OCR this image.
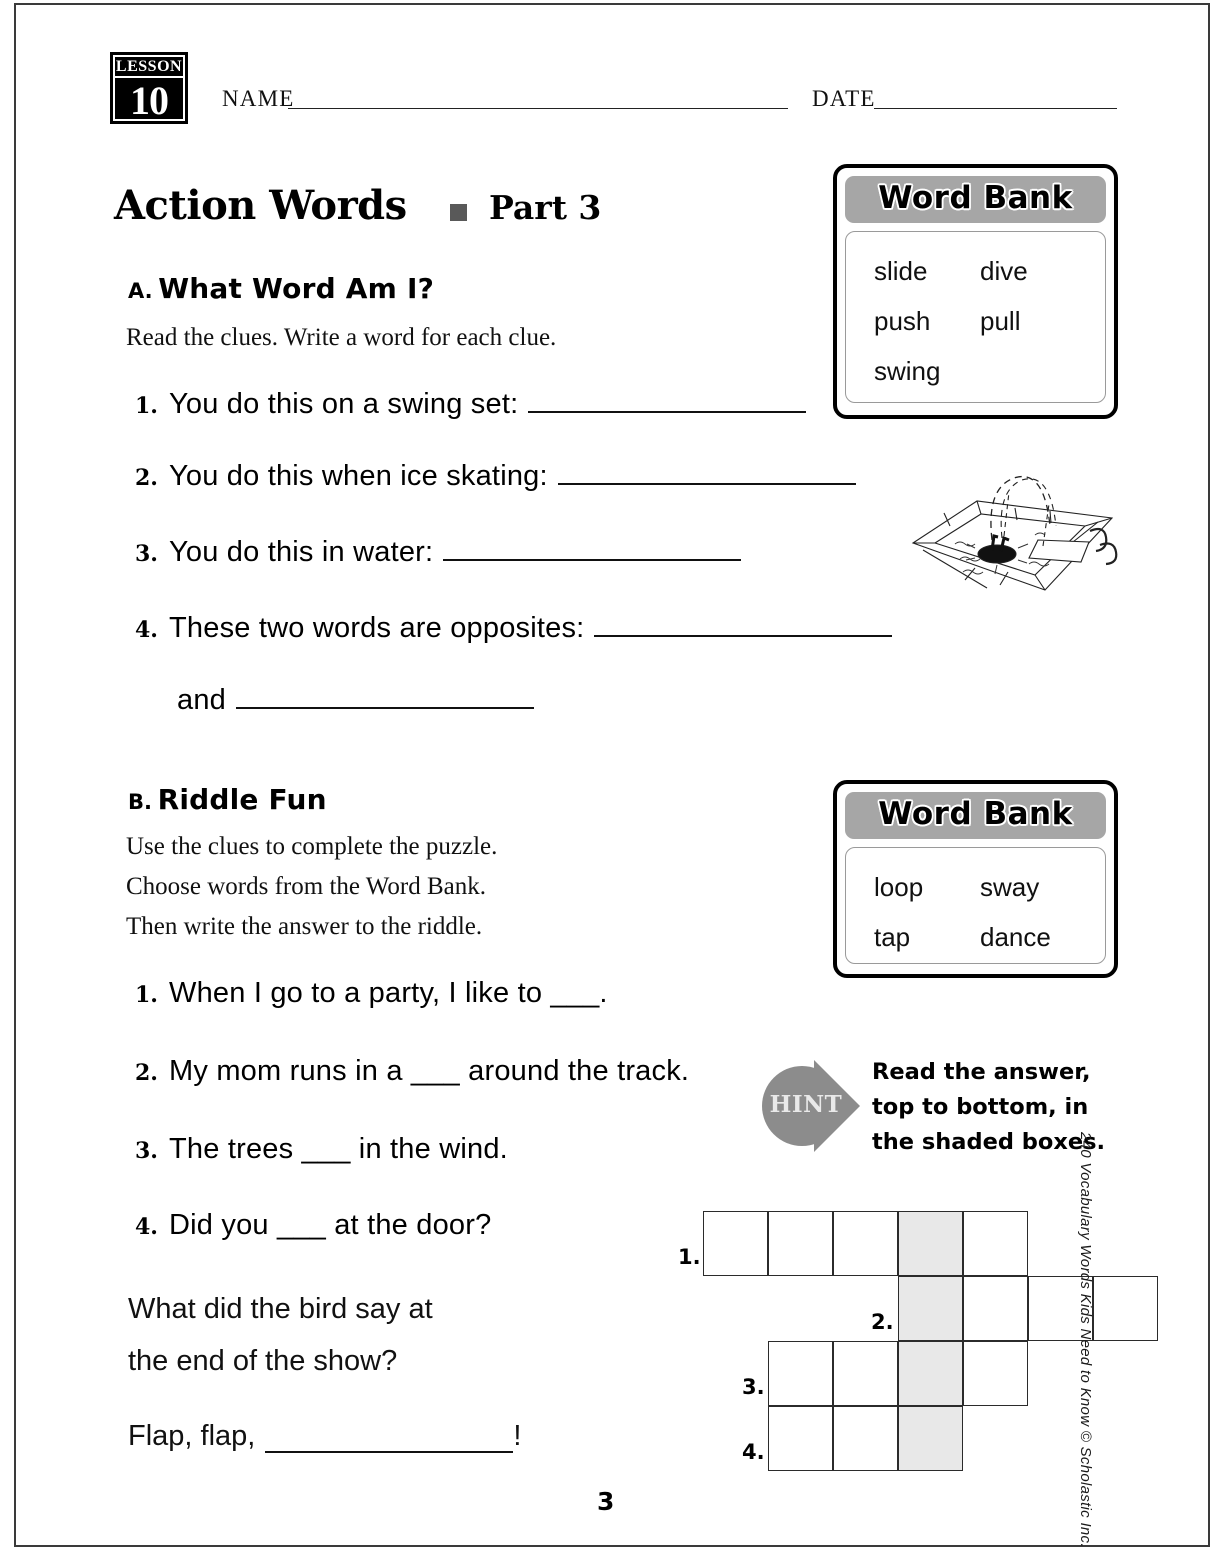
LESSON
10 NAME	DATE
Action Words Part 3
A. What Word Am I?
Read the clues. Write a word for each clue.
1. You do this on a swing set:
2. You do this when ice skating:
3. You do this in water:
4. These two words are opposites:
and
Word Bank
slide	dive
push	pull
swing
B. Riddle Fun
Use the clues to complete the puzzle.
Choose words from the Word Bank.
Then write the answer to the riddle.
1. When I go to a party, I like to ___.
2. My mom runs in a ___ around the track.
3. The trees ___ in the wind.
4. Did you ___ at the door?
Word Bank
loop	sway
tap	dance
HINT
Read the answer,
top to bottom, in
the shaded boxes.
1.
2.
3.
4.
What did the bird say at
the end of the show?
Flap, flap,	!
3	240 Vocabulary Words Kids Need to Know © Scholastic Inc.
